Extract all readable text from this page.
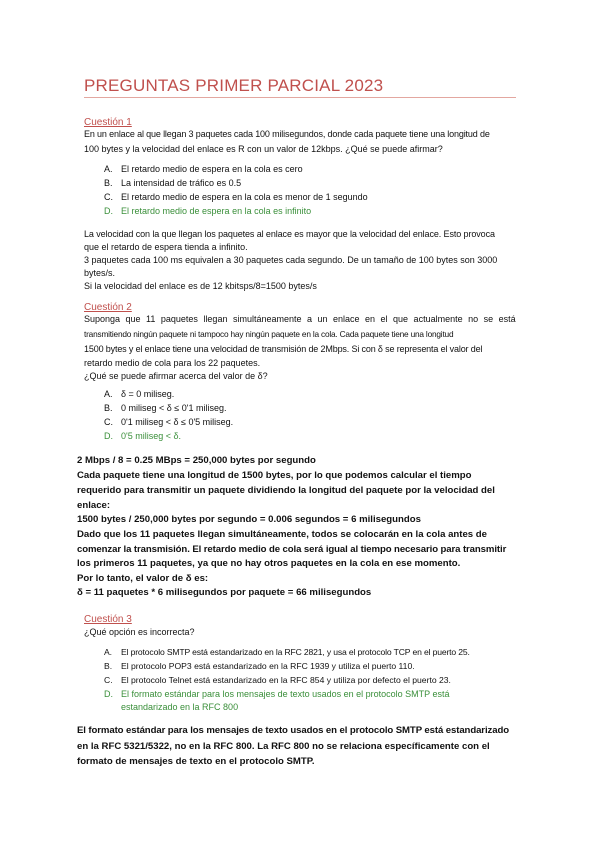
PREGUNTAS PRIMER PARCIAL 2023
Cuestión 1
En un enlace al que llegan 3 paquetes cada 100 milisegundos, donde cada paquete tiene una longitud de
100 bytes y la velocidad del enlace es R con un valor de 12kbps. ¿Qué se puede afirmar?
A. El retardo medio de espera en la cola es cero
B. La intensidad de tráfico es 0.5
C. El retardo medio de espera en la cola es menor de 1 segundo
D. El retardo medio de espera en la cola es infinito
La velocidad con la que llegan los paquetes al enlace es mayor que la velocidad del enlace. Esto provoca
que el retardo de espera tienda a infinito.
3 paquetes cada 100 ms equivalen a 30 paquetes cada segundo. De un tamaño de 100 bytes son 3000
bytes/s.
Si la velocidad del enlace es de 12 kbitsps/8=1500 bytes/s
Cuestión 2
Suponga que 11 paquetes llegan simultáneamente a un enlace en el que actualmente no se está
transmitiendo ningún paquete ni tampoco hay ningún paquete en la cola. Cada paquete tiene una longitud
1500 bytes y el enlace tiene una velocidad de transmisión de 2Mbps. Si con δ se representa el valor del
retardo medio de cola para los 22 paquetes.
¿Qué se puede afirmar acerca del valor de δ?
A. δ = 0 miliseg.
B. 0 miliseg < δ ≤ 0'1 miliseg.
C. 0'1 miliseg < δ ≤ 0'5 miliseg.
D. 0'5 miliseg < δ.
2 Mbps / 8 = 0.25 MBps = 250,000 bytes por segundo
Cada paquete tiene una longitud de 1500 bytes, por lo que podemos calcular el tiempo
requerido para transmitir un paquete dividiendo la longitud del paquete por la velocidad del
enlace:
1500 bytes / 250,000 bytes por segundo = 0.006 segundos = 6 milisegundos
Dado que los 11 paquetes llegan simultáneamente, todos se colocarán en la cola antes de
comenzar la transmisión. El retardo medio de cola será igual al tiempo necesario para transmitir
los primeros 11 paquetes, ya que no hay otros paquetes en la cola en ese momento.
Por lo tanto, el valor de δ es:
δ = 11 paquetes * 6 milisegundos por paquete = 66 milisegundos
Cuestión 3
¿Qué opción es incorrecta?
A. El protocolo SMTP está estandarizado en la RFC 2821, y usa el protocolo TCP en el puerto 25.
B. El protocolo POP3 está estandarizado en la RFC 1939 y utiliza el puerto 110.
C. El protocolo Telnet está estandarizado en la RFC 854 y utiliza por defecto el puerto 23.
D. El formato estándar para los mensajes de texto usados en el protocolo SMTP está estandarizado en la RFC 800
El formato estándar para los mensajes de texto usados en el protocolo SMTP está estandarizado
en la RFC 5321/5322, no en la RFC 800. La RFC 800 no se relaciona específicamente con el
formato de mensajes de texto en el protocolo SMTP.
